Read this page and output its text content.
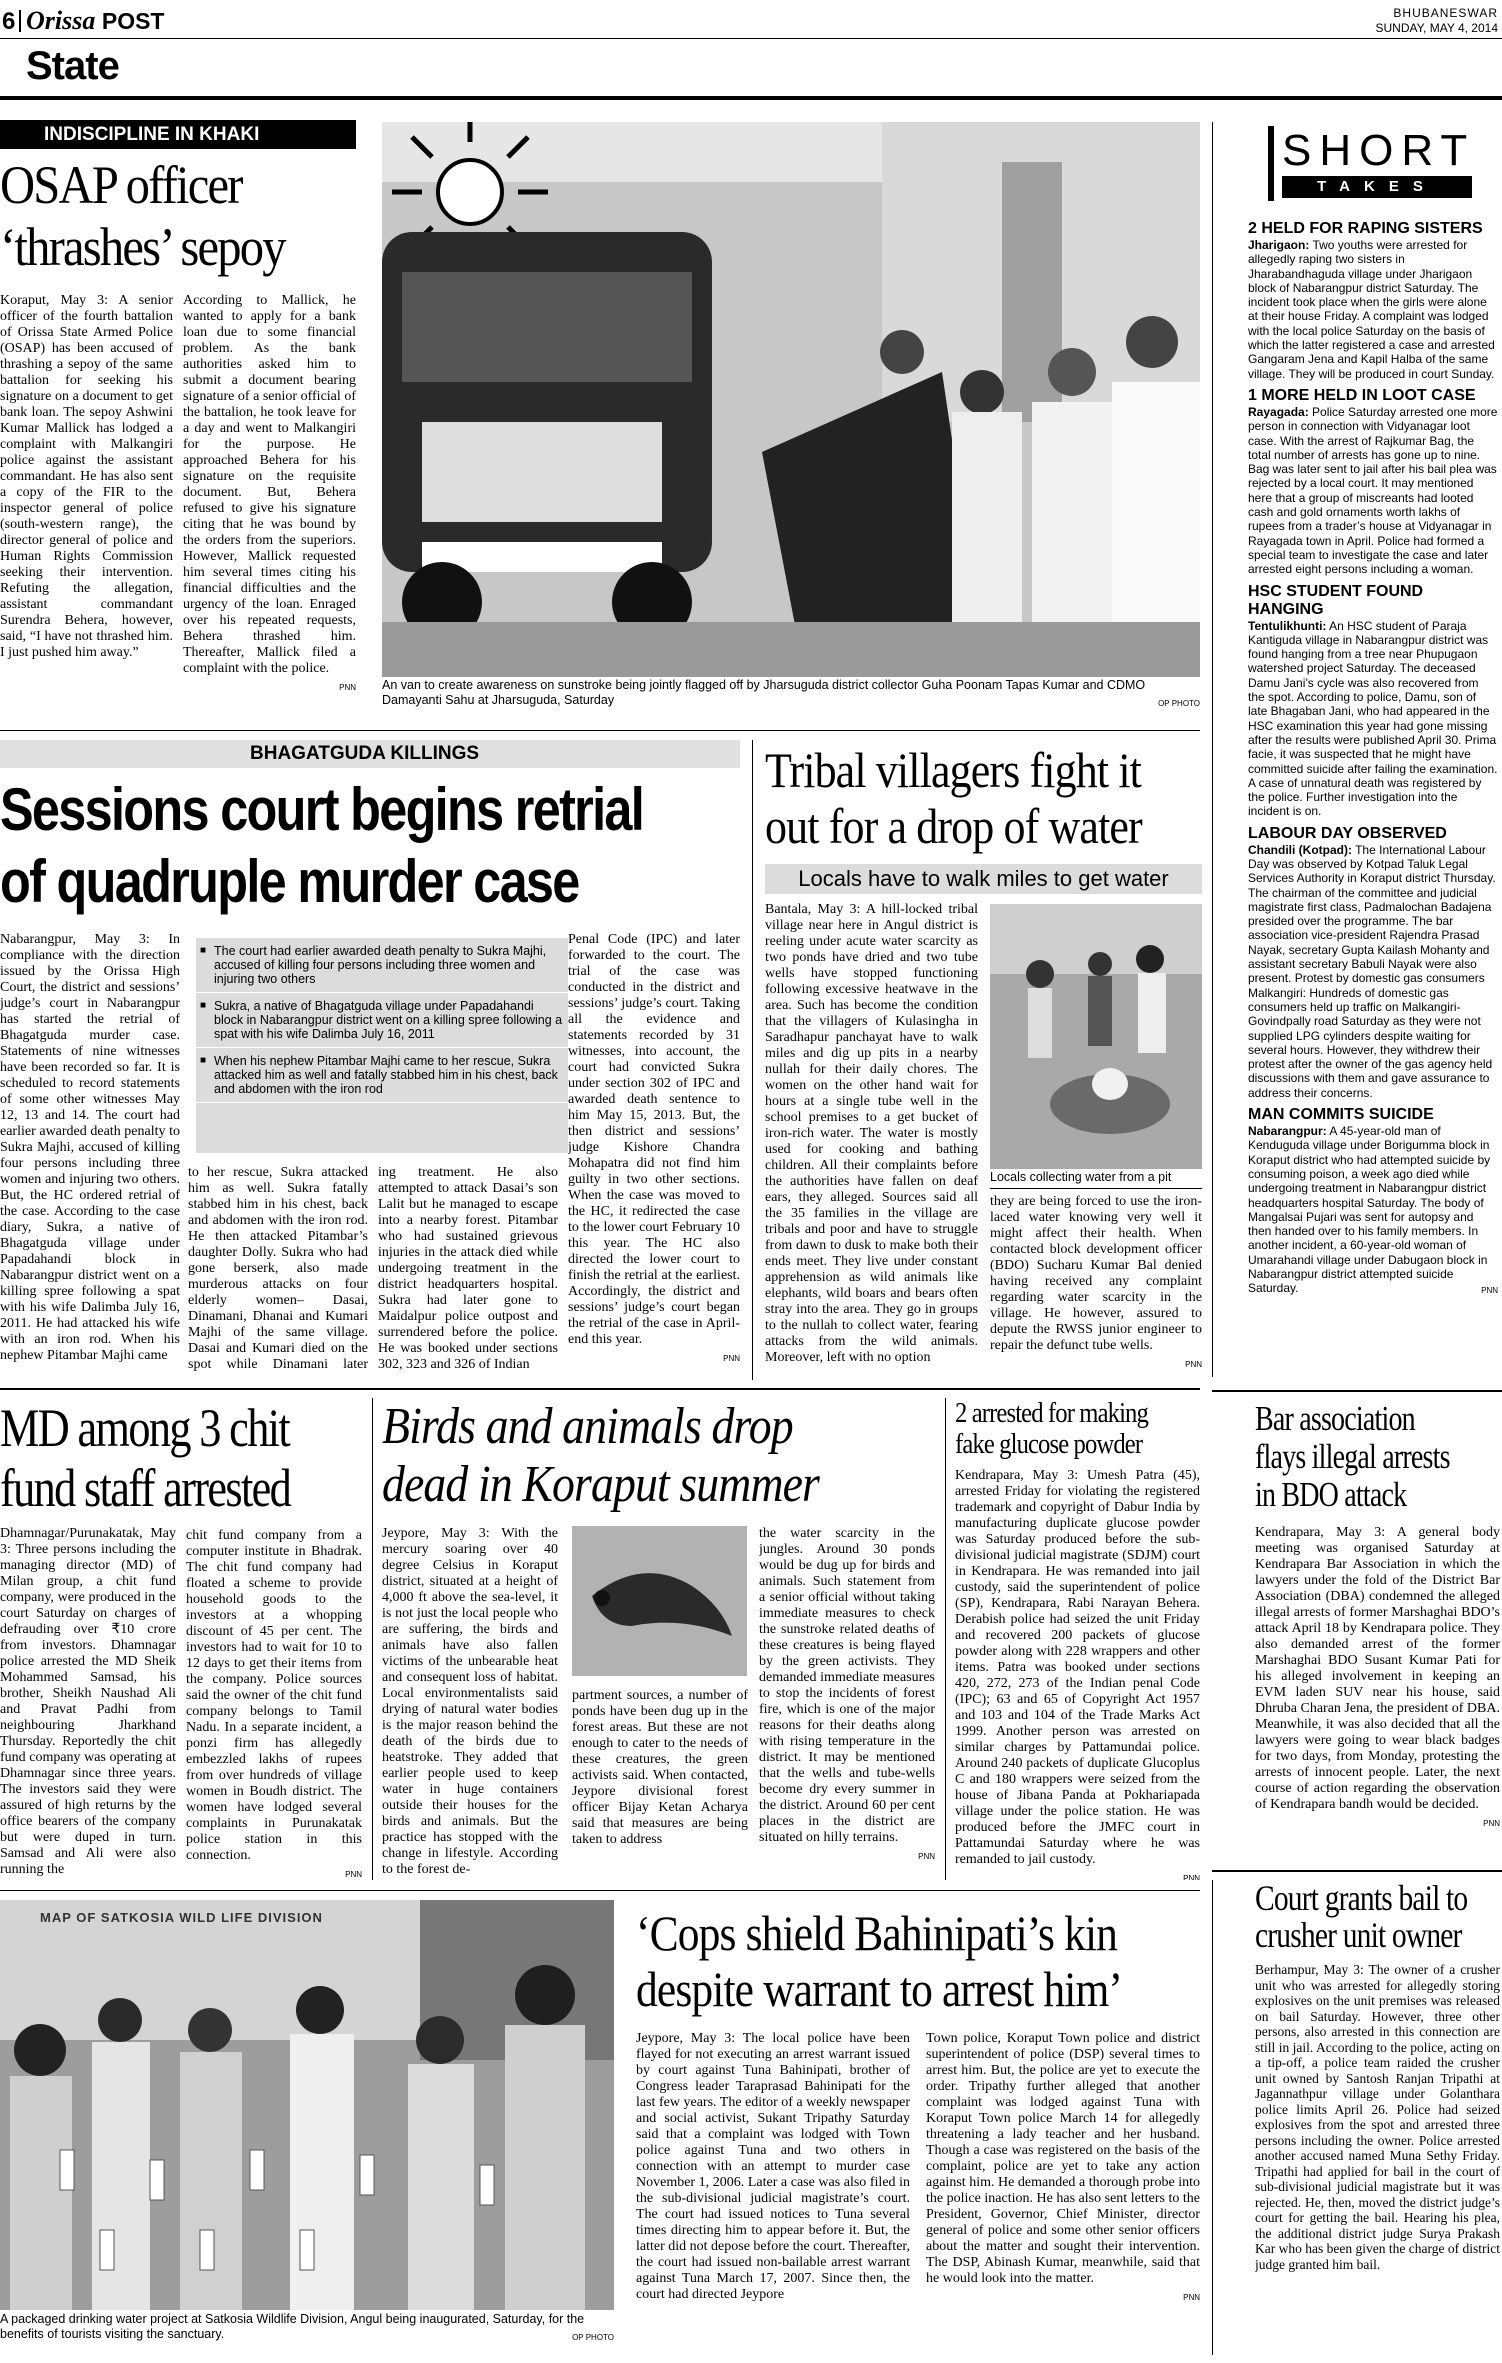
6 Orissa POST	BHUBANESWAR
SUNDAY, MAY 4, 2014
State
INDISCIPLINE IN KHAKI
OSAP officer
‘thrashes’ sepoy

Koraput, May 3: A senior officer of the fourth battalion of Orissa State Armed Police (OSAP) has been accused of thrashing a sepoy of the same battalion for seeking his signature on a document to get bank loan. The sepoy Ashwini Kumar Mallick has lodged a complaint with Malkangiri police against the assistant commandant. He has also sent a copy of the FIR to the inspector general of police (south-western range), the director general of police and Human Rights Commission seeking their intervention. Refuting the allegation, assistant commandant Surendra Behera, however, said, “I have not thrashed him. I just pushed him away.”

According to Mallick, he wanted to apply for a bank loan due to some financial problem. As the bank authorities asked him to submit a document bearing signature of a senior official of the battalion, he took leave for a day and went to Malkangiri for the purpose. He approached Behera for his signature on the requisite document. But, Behera refused to give his signature citing that he was bound by the orders from the superiors. However, Mallick requested him several times citing his financial difficulties and the urgency of the loan. Enraged over his repeated requests, Behera thrashed him. Thereafter, Mallick filed a complaint with the police.

PNN An van to create awareness on sunstroke being jointly flagged off by Jharsuguda district collector Guha Poonam Tapas Kumar and CDMO Damayanti Sahu at Jharsuguda, Saturday	OP PHOTO
SHORT
TAKES
2 HELD FOR RAPING SISTERS
Jharigaon: Two youths were arrested for allegedly raping two sisters in Jharabandhaguda village under Jharigaon block of Nabarangpur district Saturday. The incident took place when the girls were alone at their house Friday. A complaint was lodged with the local police Saturday on the basis of which the latter registered a case and arrested Gangaram Jena and Kapil Halba of the same village. They will be produced in court Sunday.
1 MORE HELD IN LOOT CASE
Rayagada: Police Saturday arrested one more person in connection with Vidyanagar loot case. With the arrest of Rajkumar Bag, the total number of arrests has gone up to nine. Bag was later sent to jail after his bail plea was rejected by a local court. It may mentioned here that a group of miscreants had looted cash and gold ornaments worth lakhs of rupees from a trader’s house at Vidyanagar in Rayagada town in April. Police had formed a special team to investigate the case and later arrested eight persons including a woman.
HSC STUDENT FOUND HANGING
Tentulikhunti: An HSC student of Paraja Kantiguda village in Nabarangpur district was found hanging from a tree near Phupugaon watershed project Saturday. The deceased Damu Jani’s cycle was also recovered from the spot. According to police, Damu, son of late Bhagaban Jani, who had appeared in the HSC examination this year had gone missing after the results were published April 30. Prima facie, it was suspected that he might have committed suicide after failing the examination. A case of unnatural death was registered by the police. Further investigation into the incident is on.
LABOUR DAY OBSERVED
Chandili (Kotpad): The International Labour Day was observed by Kotpad Taluk Legal Services Authority in Koraput district Thursday. The chairman of the committee and judicial magistrate first class, Padmalochan Badajena presided over the programme. The bar association vice-president Rajendra Prasad Nayak, secretary Gupta Kailash Mohanty and assistant secretary Babuli Nayak were also present. Protest by domestic gas consumers Malkangiri: Hundreds of domestic gas consumers held up traffic on Malkangiri-Govindpally road Saturday as they were not supplied LPG cylinders despite waiting for several hours. However, they withdrew their protest after the owner of the gas agency held discussions with them and gave assurance to address their concerns.
MAN COMMITS SUICIDE
Nabarangpur: A 45-year-old man of Kenduguda village under Borigumma block in Koraput district who had attempted suicide by consuming poison, a week ago died while undergoing treatment in Nabarangpur district headquarters hospital Saturday. The body of Mangalsai Pujari was sent for autopsy and then handed over to his family members. In another incident, a 60-year-old woman of Umarahandi village under Dabugaon block in Nabarangpur district attempted suicide Saturday.	PNN
BHAGATGUDA KILLINGS
Sessions court begins retrial
of quadruple murder case

Nabarangpur, May 3: In compliance with the direction issued by the Orissa High Court, the district and sessions’ judge’s court in Nabarangpur has started the retrial of Bhagatguda murder case. Statements of nine witnesses have been recorded so far. It is scheduled to record statements of some other witnesses May 12, 13 and 14. The court had earlier awarded death penalty to Sukra Majhi, accused of killing four persons including three women and injuring two others. But, the HC ordered retrial of the case. According to the case diary, Sukra, a native of Bhagatguda village under Papadahandi block in Nabarangpur district went on a killing spree following a spat with his wife Dalimba July 16, 2011. He had attacked his wife with an iron rod. When his nephew Pitambar Majhi came

■ The court had earlier awarded death penalty to Sukra Majhi, accused of killing four persons including three women and injuring two others
■ Sukra, a native of Bhagatguda village under Papadahandi block in Nabarangpur district went on a killing spree following a spat with his wife Dalimba July 16, 2011
■ When his nephew Pitambar Majhi came to her rescue, Sukra attacked him as well and fatally stabbed him in his chest, back and abdomen with the iron rod

to her rescue, Sukra attacked him as well. Sukra fatally stabbed him in his chest, back and abdomen with the iron rod. He then attacked Pitambar’s daughter Dolly. Sukra who had gone berserk, also made murderous attacks on four elderly women– Dasai, Dinamani, Dhanai and Kumari Majhi of the same village. Dasai and Kumari died on the spot while Dinamani later

ing treatment. He also attempted to attack Dasai’s son Lalit but he managed to escape into a nearby forest. Pitambar who had sustained grievous injuries in the attack died while undergoing treatment in the district headquarters hospital. Sukra had later gone to Maidalpur police outpost and surrendered before the police. He was booked under sections 302, 323 and 326 of Indian

Penal Code (IPC) and later forwarded to the court. The trial of the case was conducted in the district and sessions’ judge’s court. Taking all the evidence and statements recorded by 31 witnesses, into account, the court had convicted Sukra under section 302 of IPC and awarded death sentence to him May 15, 2013. But, the then district and sessions’ judge Kishore Chandra Mohapatra did not find him guilty in two other sections. When the case was moved to the HC, it redirected the case to the lower court February 10 this year. The HC also directed the lower court to finish the retrial at the earliest. Accordingly, the district and sessions’ judge’s court began the retrial of the case in April-end this year.

PNN
Tribal villagers fight it
out for a drop of water
Locals have to walk miles to get water

Bantala, May 3: A hill-locked tribal village near here in Angul district is reeling under acute water scarcity as two ponds have dried and two tube wells have stopped functioning following excessive heatwave in the area. Such has become the condition that the villagers of Kulasingha in Saradhapur panchayat have to walk miles and dig up pits in a nearby nullah for their daily chores. The women on the other hand wait for hours at a single tube well in the school premises to a get bucket of iron-rich water. The water is mostly used for cooking and bathing children. All their complaints before the authorities have fallen on deaf ears, they alleged. Sources said all the 35 families in the village are tribals and poor and have to struggle from dawn to dusk to make both their ends meet. They live under constant apprehension as wild animals like elephants, wild boars and bears often stray into the area. They go in groups to the nullah to collect water, fearing attacks from the wild animals. Moreover, left with no option

Locals collecting water from a pit

they are being forced to use the iron-laced water knowing very well it might affect their health. When contacted block development officer (BDO) Sucharu Kumar Bal denied having received any complaint regarding water scarcity in the village. He however, assured to depute the RWSS junior engineer to repair the defunct tube wells.

PNN
MD among 3 chit
fund staff arrested

Dhamnagar/Purunakatak, May 3: Three persons including the managing director (MD) of Milan group, a chit fund company, were produced in the court Saturday on charges of defrauding over ₹10 crore from investors. Dhamnagar police arrested the MD Sheik Mohammed Samsad, his brother, Sheikh Naushad Ali and Pravat Padhi from neighbouring Jharkhand Thursday. Reportedly the chit fund company was operating at Dhamnagar since three years. The investors said they were assured of high returns by the office bearers of the company but were duped in turn. Samsad and Ali were also running the

chit fund company from a computer institute in Bhadrak. The chit fund company had floated a scheme to provide household goods to the investors at a whopping discount of 45 per cent. The investors had to wait for 10 to 12 days to get their items from the company. Police sources said the owner of the chit fund company belongs to Tamil Nadu. In a separate incident, a ponzi firm has allegedly embezzled lakhs of rupees from over hundreds of village women in Boudh district. The women have lodged several complaints in Purunakatak police station in this connection.

PNN
Birds and animals drop
dead in Koraput summer

Jeypore, May 3: With the mercury soaring over 40 degree Celsius in Koraput district, situated at a height of 4,000 ft above the sea-level, it is not just the local people who are suffering, the birds and animals have also fallen victims of the unbearable heat and consequent loss of habitat. Local environmentalists said drying of natural water bodies is the major reason behind the death of the birds due to heatstroke. They added that earlier people used to keep water in huge containers outside their houses for the birds and animals. But the practice has stopped with the change in lifestyle. According to the forest de-

partment sources, a number of ponds have been dug up in the forest areas. But these are not enough to cater to the needs of these creatures, the green activists said. When contacted, Jeypore divisional forest officer Bijay Ketan Acharya said that measures are being taken to address

the water scarcity in the jungles. Around 30 ponds would be dug up for birds and animals. Such statement from a senior official without taking immediate measures to check the sunstroke related deaths of these creatures is being flayed by the green activists. They demanded immediate measures to stop the incidents of forest fire, which is one of the major reasons for their deaths along with rising temperature in the district. It may be mentioned that the wells and tube-wells become dry every summer in the district. Around 60 per cent places in the district are situated on hilly terrains.

PNN
2 arrested for making
fake glucose powder

Kendrapara, May 3: Umesh Patra (45), arrested Friday for violating the registered trademark and copyright of Dabur India by manufacturing duplicate glucose powder was Saturday produced before the sub-divisional judicial magistrate (SDJM) court in Kendrapara. He was remanded into jail custody, said the superintendent of police (SP), Kendrapara, Rabi Narayan Behera. Derabish police had seized the unit Friday and recovered 200 packets of glucose powder along with 228 wrappers and other items. Patra was booked under sections 420, 272, 273 of the Indian penal Code (IPC); 63 and 65 of Copyright Act 1957 and 103 and 104 of the Trade Marks Act 1999. Another person was arrested on similar charges by Pattamundai police. Around 240 packets of duplicate Glucoplus C and 180 wrappers were seized from the house of Jibana Panda at Pokhariapada village under the police station. He was produced before the JMFC court in Pattamundai Saturday where he was remanded to jail custody.

PNN
Bar association
flays illegal arrests
in BDO attack

Kendrapara, May 3: A general body meeting was organised Saturday at Kendrapara Bar Association in which the lawyers under the fold of the District Bar Association (DBA) condemned the alleged illegal arrests of former Marshaghai BDO’s attack April 18 by Kendrapara police. They also demanded arrest of the former Marshaghai BDO Susant Kumar Pati for his alleged involvement in keeping an EVM laden SUV near his house, said Dhruba Charan Jena, the president of DBA. Meanwhile, it was also decided that all the lawyers were going to wear black badges for two days, from Monday, protesting the arrests of innocent people. Later, the next course of action regarding the observation of Kendrapara bandh would be decided.

PNN
MAP OF SATKOSIA WILD LIFE DIVISION
A packaged drinking water project at Satkosia Wildlife Division, Angul being inaugurated, Saturday, for the benefits of tourists visiting the sanctuary.	OP PHOTO
‘Cops shield Bahinipati’s kin
despite warrant to arrest him’

Jeypore, May 3: The local police have been flayed for not executing an arrest warrant issued by court against Tuna Bahinipati, brother of Congress leader Taraprasad Bahinipati for the last few years. The editor of a weekly newspaper and social activist, Sukant Tripathy Saturday said that a complaint was lodged with Town police against Tuna and two others in connection with an attempt to murder case November 1, 2006. Later a case was also filed in the sub-divisional judicial magistrate’s court. The court had issued notices to Tuna several times directing him to appear before it. But, the latter did not depose before the court. Thereafter, the court had issued non-bailable arrest warrant against Tuna March 17, 2007. Since then, the court had directed Jeypore

Town police, Koraput Town police and district superintendent of police (DSP) several times to arrest him. But, the police are yet to execute the order. Tripathy further alleged that another complaint was lodged against Tuna with Koraput Town police March 14 for allegedly threatening a lady teacher and her husband. Though a case was registered on the basis of the complaint, police are yet to take any action against him. He demanded a thorough probe into the police inaction. He has also sent letters to the President, Governor, Chief Minister, director general of police and some other senior officers about the matter and sought their intervention. The DSP, Abinash Kumar, meanwhile, said that he would look into the matter.

PNN
Court grants bail to
crusher unit owner

Berhampur, May 3: The owner of a crusher unit who was arrested for allegedly storing explosives on the unit premises was released on bail Saturday. However, three other persons, also arrested in this connection are still in jail. According to the police, acting on a tip-off, a police team raided the crusher unit owned by Santosh Ranjan Tripathi at Jagannathpur village under Golanthara police limits April 26. Police had seized explosives from the spot and arrested three persons including the owner. Police arrested another accused named Muna Sethy Friday. Tripathi had applied for bail in the court of sub-divisional judicial magistrate but it was rejected. He, then, moved the district judge’s court for getting the bail. Hearing his plea, the additional district judge Surya Prakash Kar who has been given the charge of district judge granted him bail.
